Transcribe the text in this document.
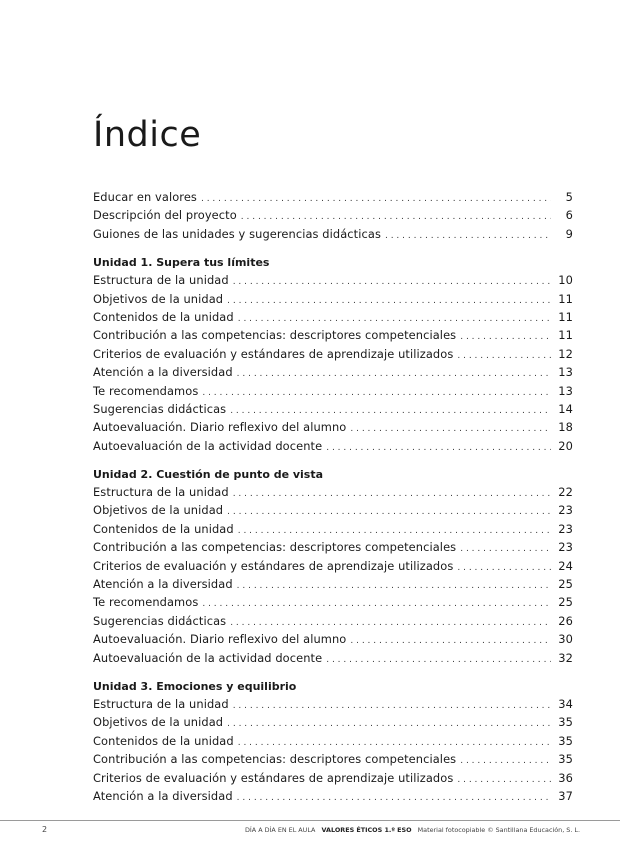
Índice
Educar en valores . . .	5
Descripción del proyecto . . .	6
Guiones de las unidades y sugerencias didácticas . . .	9
Unidad 1. Supera tus límites
Estructura de la unidad . . .	10
Objetivos de la unidad . . .	11
Contenidos de la unidad . . .	11
Contribución a las competencias: descriptores competenciales . . .	11
Criterios de evaluación y estándares de aprendizaje utilizados . . .	12
Atención a la diversidad . . .	13
Te recomendamos . . .	13
Sugerencias didácticas . . .	14
Autoevaluación. Diario reflexivo del alumno . . .	18
Autoevaluación de la actividad docente . . .	20
Unidad 2. Cuestión de punto de vista
Estructura de la unidad . . .	22
Objetivos de la unidad . . .	23
Contenidos de la unidad . . .	23
Contribución a las competencias: descriptores competenciales . . .	23
Criterios de evaluación y estándares de aprendizaje utilizados . . .	24
Atención a la diversidad . . .	25
Te recomendamos . . .	25
Sugerencias didácticas . . .	26
Autoevaluación. Diario reflexivo del alumno . . .	30
Autoevaluación de la actividad docente . . .	32
Unidad 3. Emociones y equilibrio
Estructura de la unidad . . .	34
Objetivos de la unidad . . .	35
Contenidos de la unidad . . .	35
Contribución a las competencias: descriptores competenciales . . .	35
Criterios de evaluación y estándares de aprendizaje utilizados . . .	36
Atención a la diversidad . . .	37
2	DÍA A DÍA EN EL AULA VALORES ÉTICOS 1.º ESO Material fotocopiable © Santillana Educación, S. L.
